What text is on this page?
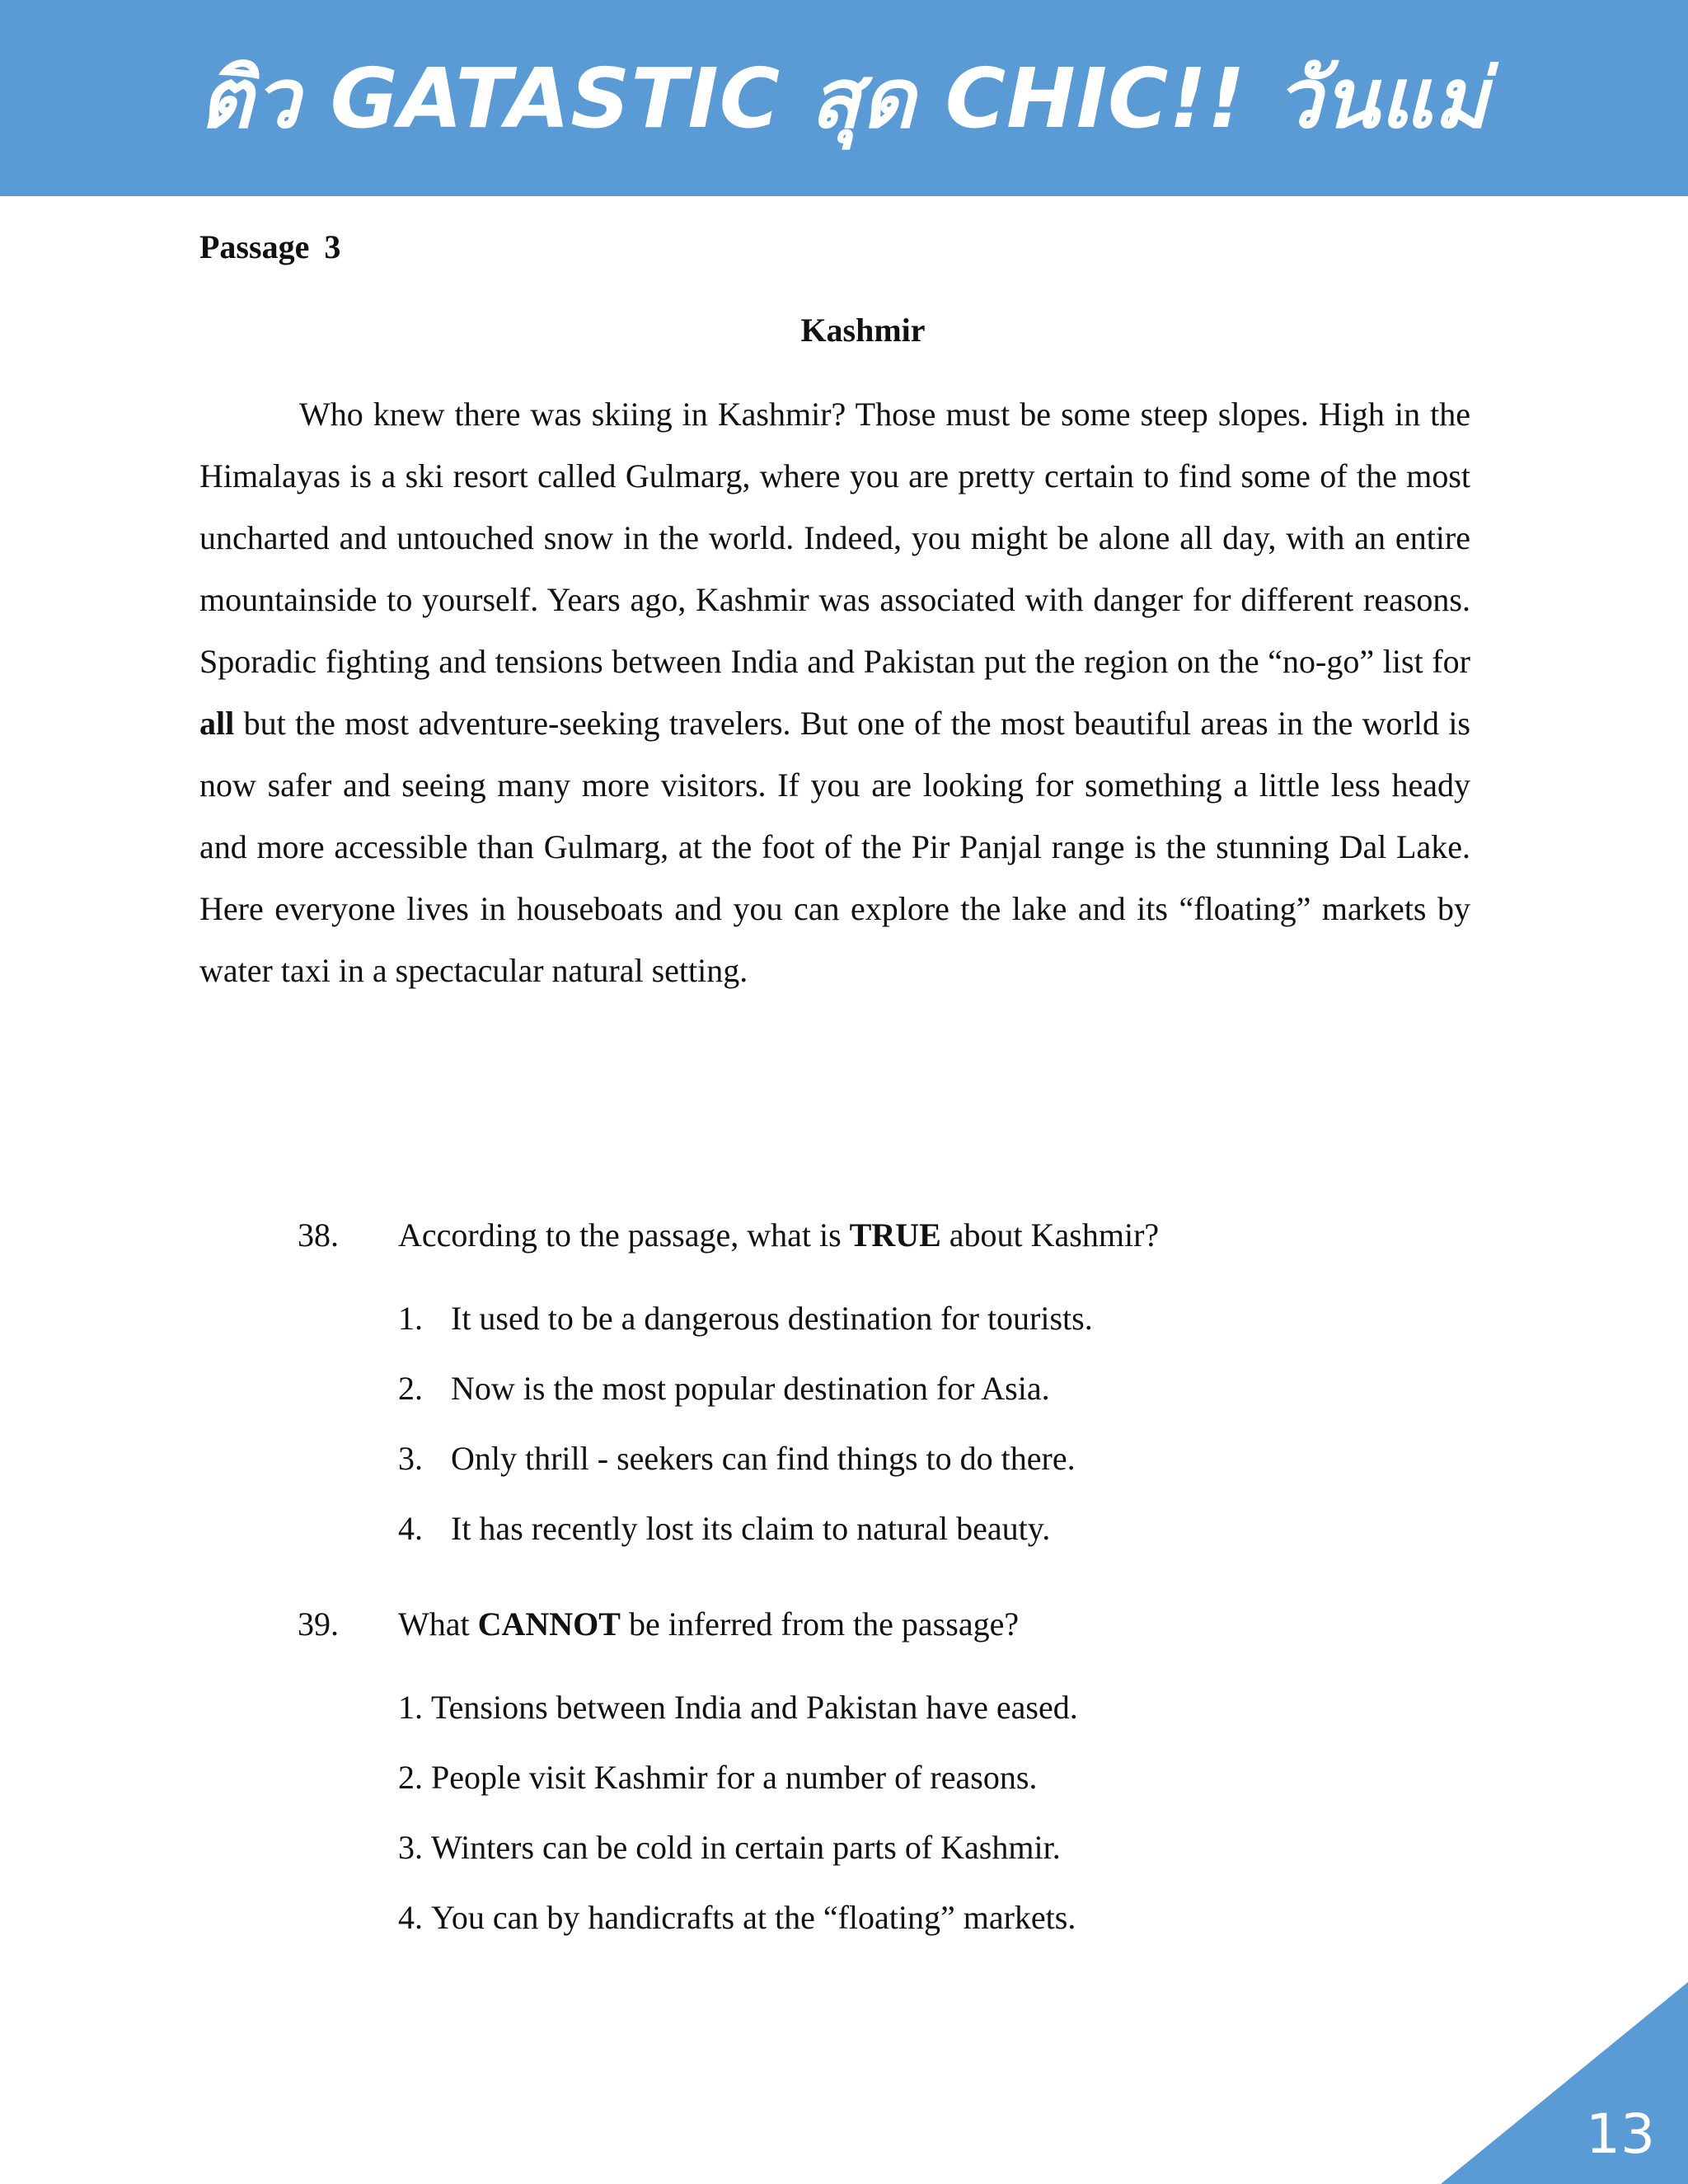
ติว GATASTIC สุด CHIC!! วันแม่
Passage 3
Kashmir

Who knew there was skiing in Kashmir? Those must be some steep slopes. High in the Himalayas is a ski resort called Gulmarg, where you are pretty certain to find some of the most uncharted and untouched snow in the world. Indeed, you might be alone all day, with an entire mountainside to yourself. Years ago, Kashmir was associated with danger for different reasons. Sporadic fighting and tensions between India and Pakistan put the region on the “no-go” list for all but the most adventure-seeking travelers. But one of the most beautiful areas in the world is now safer and seeing many more visitors. If you are looking for something a little less heady and more accessible than Gulmarg, at the foot of the Pir Panjal range is the stunning Dal Lake. Here everyone lives in houseboats and you can explore the lake and its “floating” markets by water taxi in a spectacular natural setting.

38. According to the passage, what is TRUE about Kashmir?
1. It used to be a dangerous destination for tourists.
2. Now is the most popular destination for Asia.
3. Only thrill - seekers can find things to do there.
4. It has recently lost its claim to natural beauty.
39. What CANNOT be inferred from the passage?
1. Tensions between India and Pakistan have eased.
2. People visit Kashmir for a number of reasons.
3. Winters can be cold in certain parts of Kashmir.
4. You can by handicrafts at the “floating” markets.
13
